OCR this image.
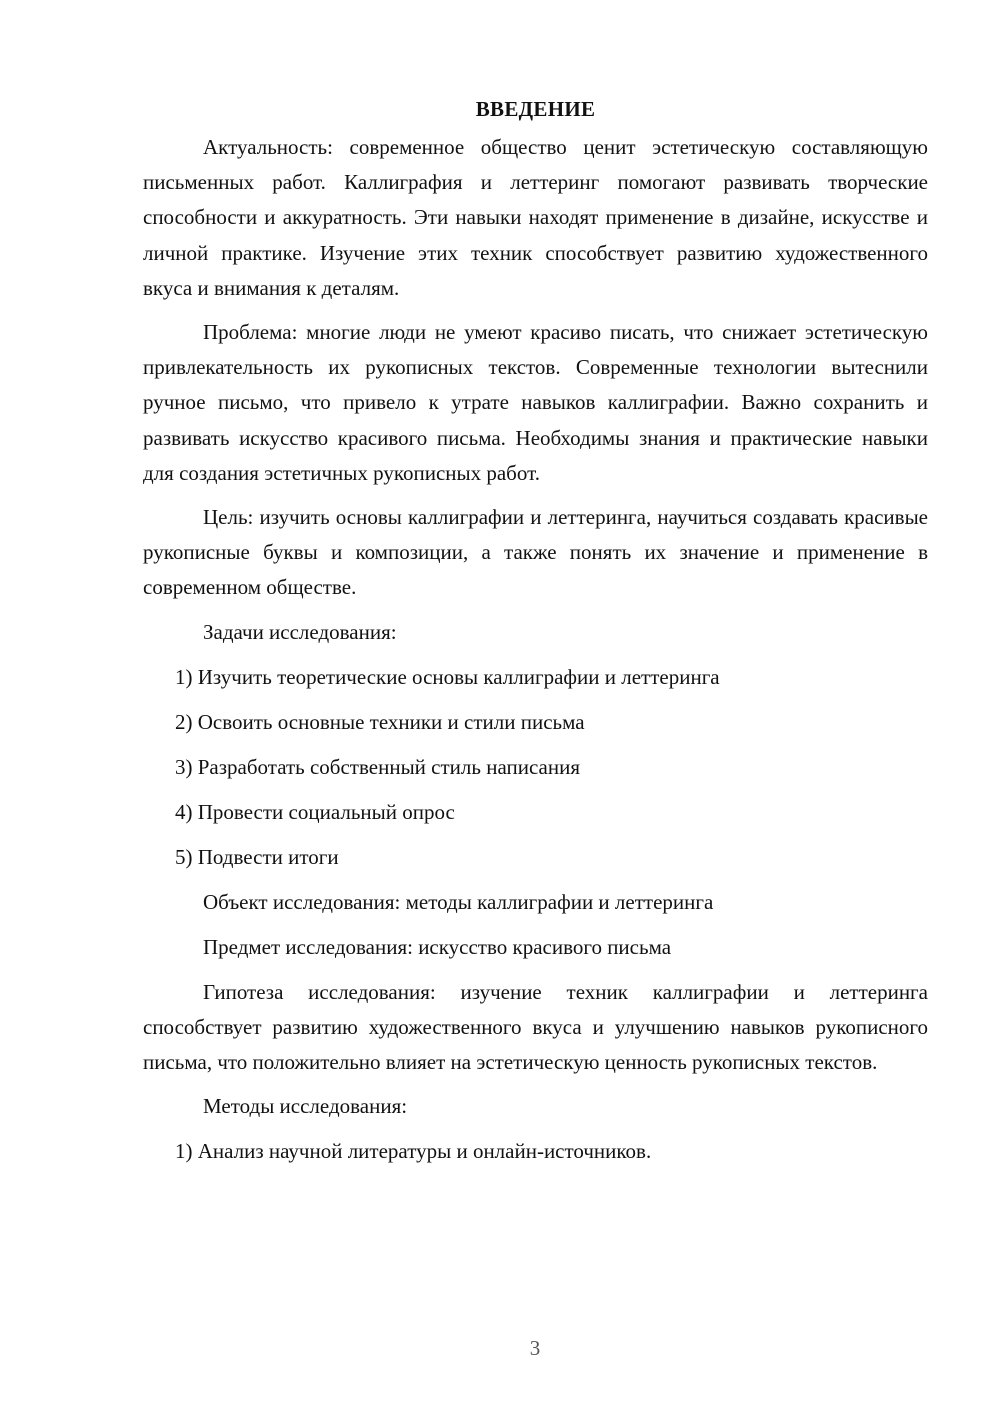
ВВЕДЕНИЕ

Актуальность: современное общество ценит эстетическую составляющую письменных работ. Каллиграфия и леттеринг помогают развивать творческие способности и аккуратность. Эти навыки находят применение в дизайне, искусстве и личной практике. Изучение этих техник способствует развитию художественного вкуса и внимания к деталям.

Проблема: многие люди не умеют красиво писать, что снижает эстетическую привлекательность их рукописных текстов. Современные технологии вытеснили ручное письмо, что привело к утрате навыков каллиграфии. Важно сохранить и развивать искусство красивого письма. Необходимы знания и практические навыки для создания эстетичных рукописных работ.

Цель: изучить основы каллиграфии и леттеринга, научиться создавать красивые рукописные буквы и композиции, а также понять их значение и применение в современном обществе.

Задачи исследования:
1) Изучить теоретические основы каллиграфии и леттеринга
2) Освоить основные техники и стили письма
3) Разработать собственный стиль написания
4) Провести социальный опрос
5) Подвести итоги
Объект исследования: методы каллиграфии и леттеринга
Предмет исследования: искусство красивого письма

Гипотеза исследования: изучение техник каллиграфии и леттеринга способствует развитию художественного вкуса и улучшению навыков рукописного письма, что положительно влияет на эстетическую ценность рукописных текстов.

Методы исследования:
1) Анализ научной литературы и онлайн-источников.
3
